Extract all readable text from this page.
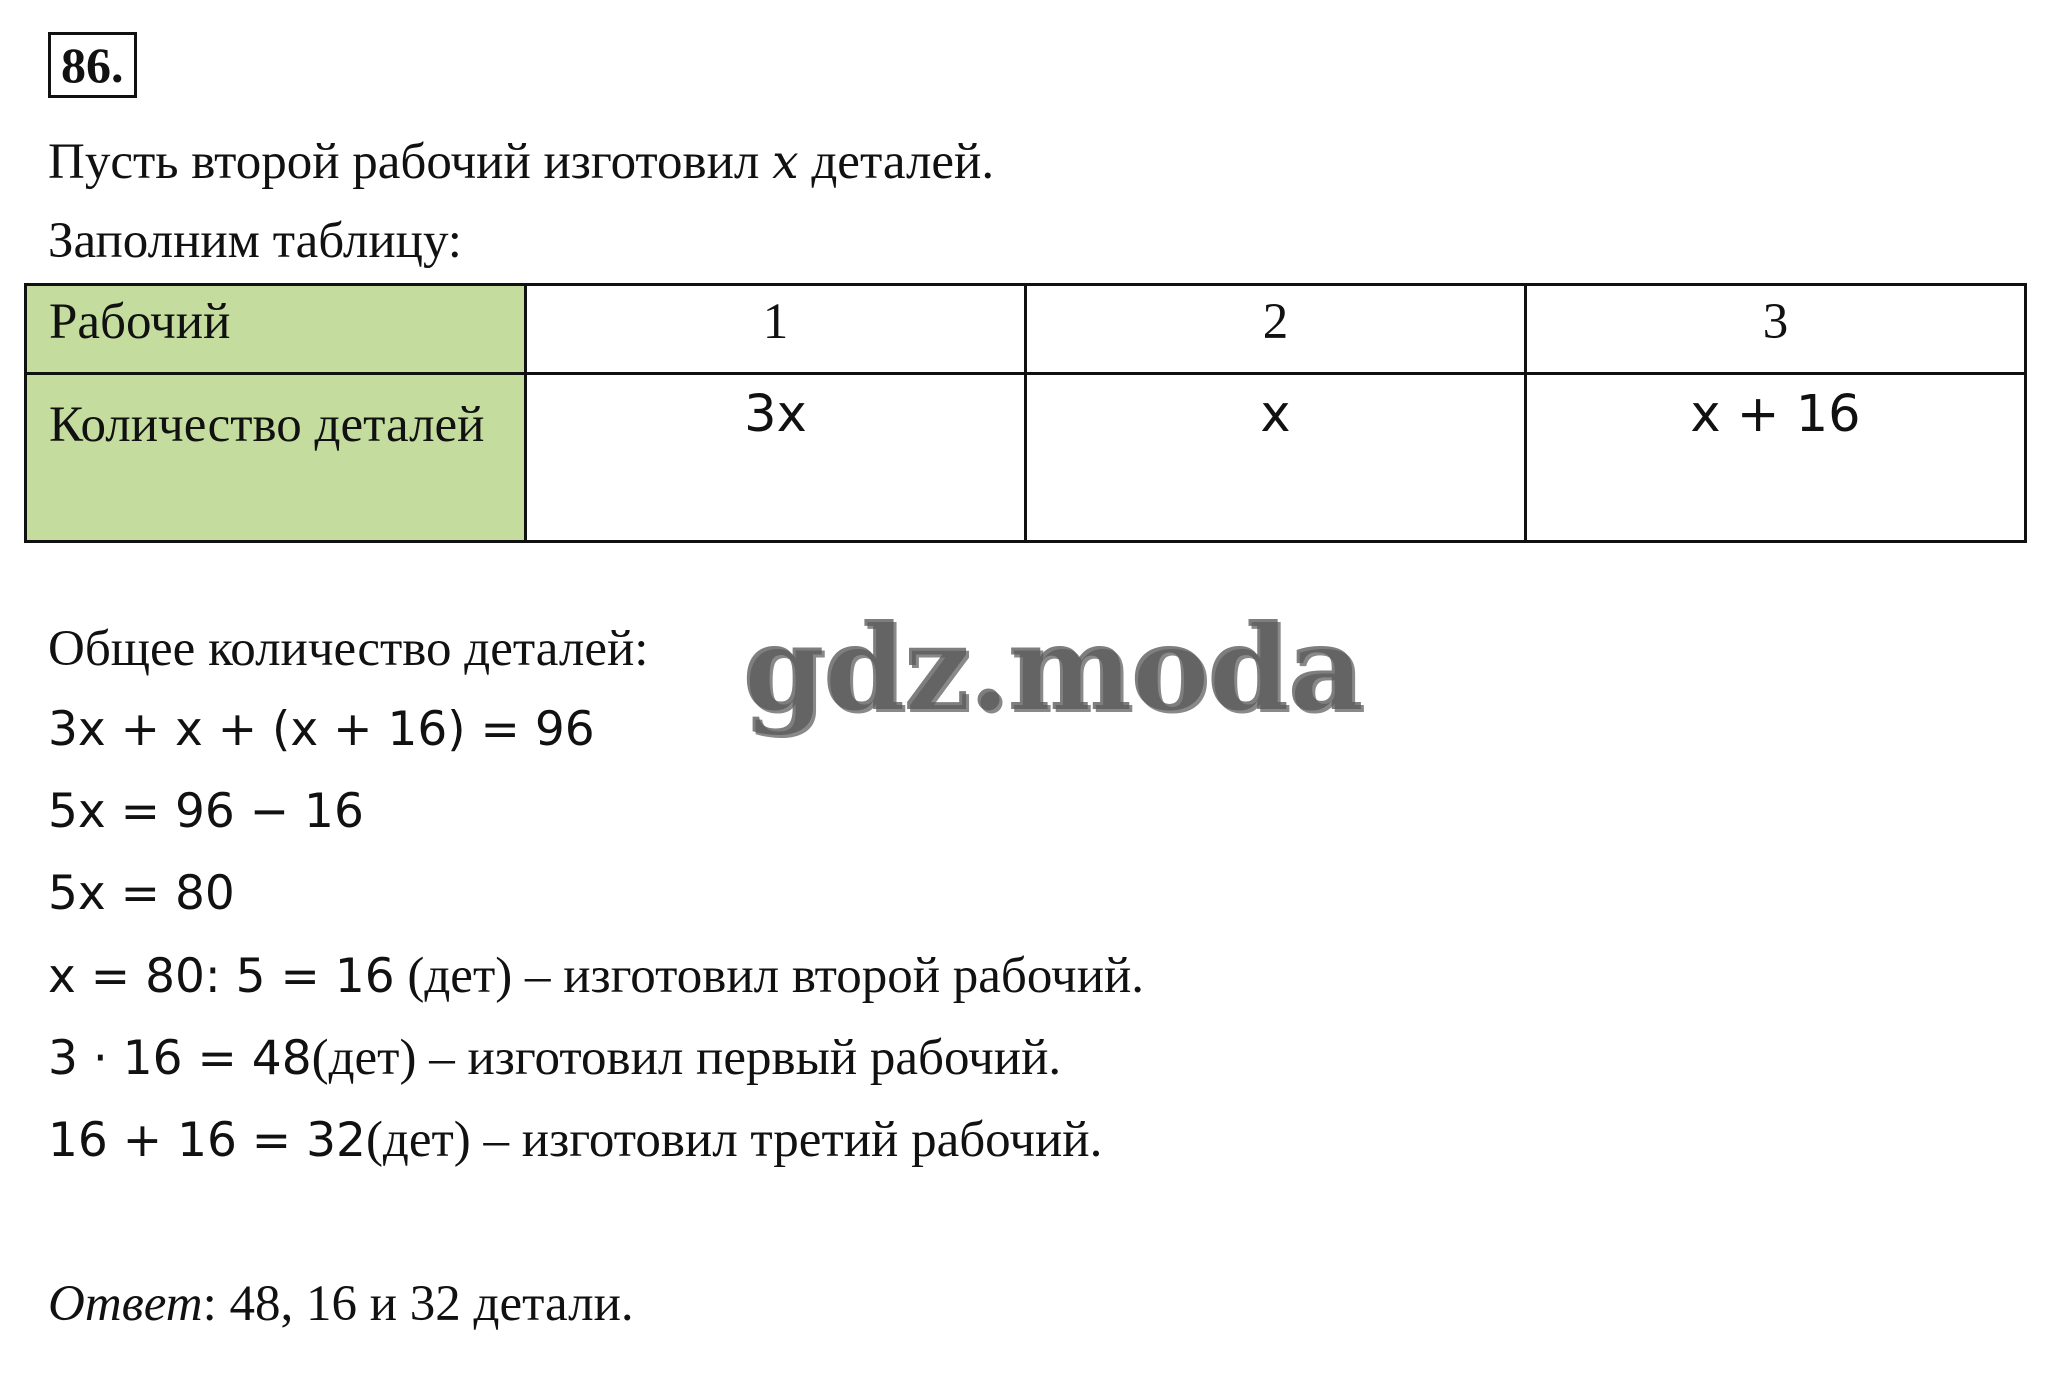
86.
Пусть второй рабочий изготовил x деталей.
Заполним таблицу:
Рабочий	1	2	3
Количество деталей	3x	x	x + 16
Общее количество деталей:
3x + x + (x + 16) = 96
5x = 96 − 16
5x = 80
x = 80: 5 = 16 (дет) – изготовил второй рабочий.
3 · 16 = 48(дет) – изготовил первый рабочий.
16 + 16 = 32(дет) – изготовил третий рабочий.
Ответ: 48, 16 и 32 детали.
gdz.moda
